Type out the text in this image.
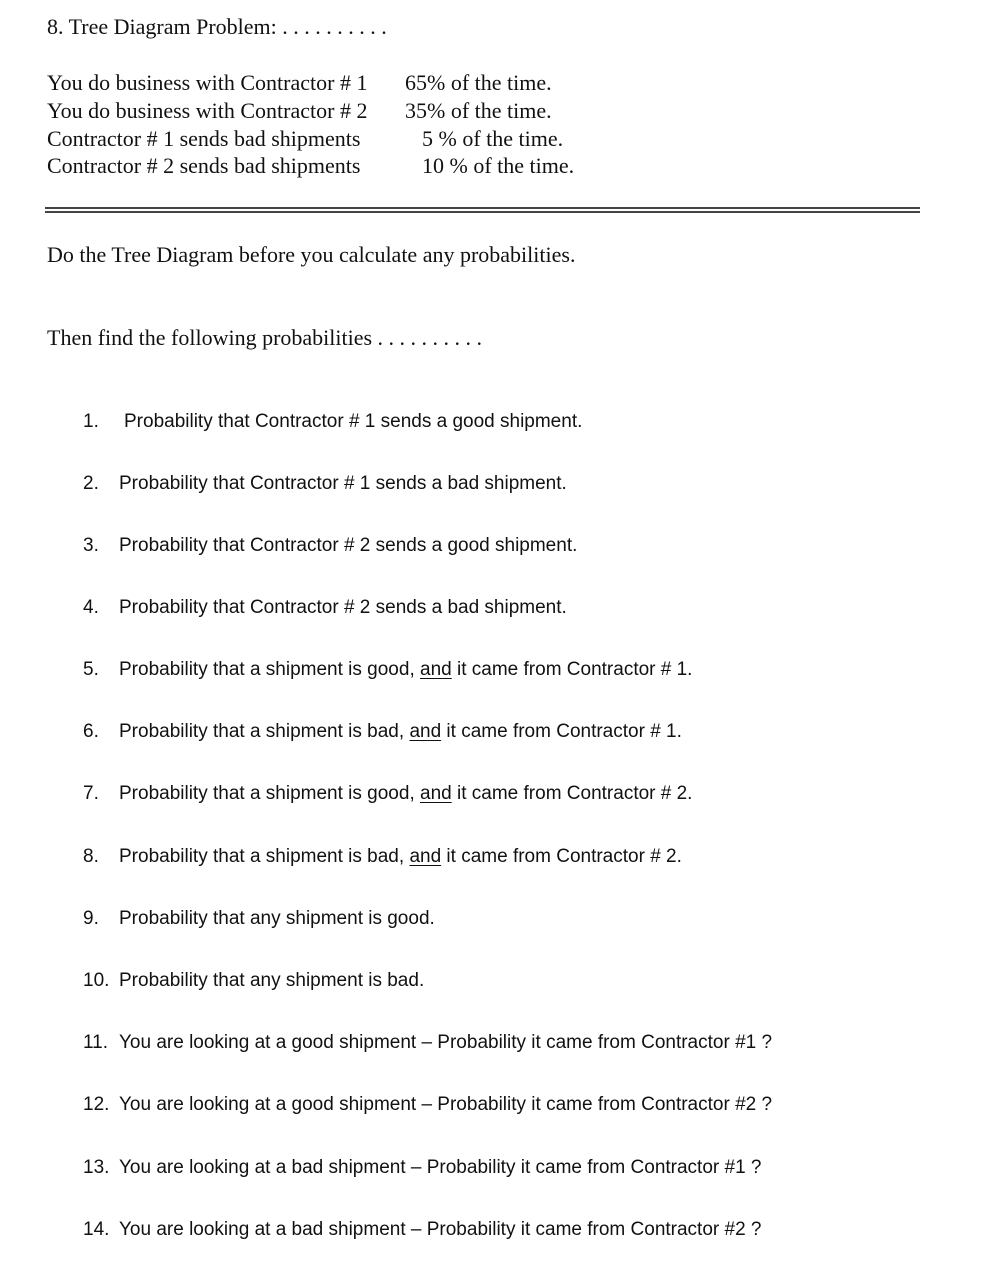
8. Tree Diagram Problem: . . . . . . . . . .
You do business with Contractor # 1 65% of the time.
You do business with Contractor # 2 35% of the time.
Contractor # 1 sends bad shipments	5 % of the time.
Contractor # 2 sends bad shipments	10 % of the time.
Do the Tree Diagram before you calculate any probabilities.
Then find the following probabilities . . . . . . . . . .
1. Probability that Contractor # 1 sends a good shipment.
2. Probability that Contractor # 1 sends a bad shipment.
3. Probability that Contractor # 2 sends a good shipment.
4. Probability that Contractor # 2 sends a bad shipment.
5. Probability that a shipment is good, and it came from Contractor # 1.
6. Probability that a shipment is bad, and it came from Contractor # 1.
7. Probability that a shipment is good, and it came from Contractor # 2.
8. Probability that a shipment is bad, and it came from Contractor # 2.
9. Probability that any shipment is good.
10. Probability that any shipment is bad.
11. You are looking at a good shipment – Probability it came from Contractor #1 ?
12. You are looking at a good shipment – Probability it came from Contractor #2 ?
13. You are looking at a bad shipment – Probability it came from Contractor #1 ?
14. You are looking at a bad shipment – Probability it came from Contractor #2 ?
